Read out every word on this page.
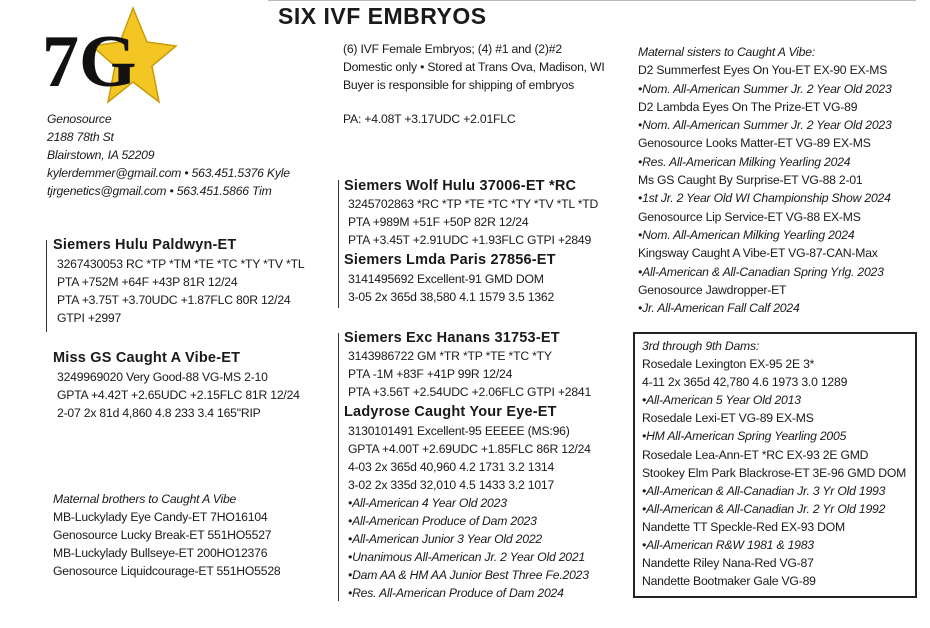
7G
SIX IVF EMBRYOS
Genosource
2188 78th St
Blairstown, IA 52209
kylerdemmer@gmail.com • 563.451.5376 Kyle
tjrgenetics@gmail.com • 563.451.5866 Tim
(6) IVF Female Embryos; (4) #1 and (2)#2
Domestic only • Stored at Trans Ova, Madison, WI
Buyer is responsible for shipping of embryos
PA: +4.08T +3.17UDC +2.01FLC
Siemers Hulu Paldwyn-ET
3267430053 RC *TP *TM *TE *TC *TY *TV *TL
PTA +752M +64F +43P 81R 12/24
PTA +3.75T +3.70UDC +1.87FLC 80R 12/24
GTPI +2997
Miss GS Caught A Vibe-ET
3249969020 Very Good-88 VG-MS 2-10
GPTA +4.42T +2.65UDC +2.15FLC 81R 12/24
2-07 2x 81d 4,860 4.8 233 3.4 165"RIP
Maternal brothers to Caught A Vibe
MB-Luckylady Eye Candy-ET 7HO16104
Genosource Lucky Break-ET 551HO5527
MB-Luckylady Bullseye-ET 200HO12376
Genosource Liquidcourage-ET 551HO5528
Siemers Wolf Hulu 37006-ET *RC
3245702863 *RC *TP *TE *TC *TY *TV *TL *TD
PTA +989M +51F +50P 82R 12/24
PTA +3.45T +2.91UDC +1.93FLC GTPI +2849
Siemers Lmda Paris 27856-ET
3141495692 Excellent-91 GMD DOM
3-05 2x 365d 38,580 4.1 1579 3.5 1362
Siemers Exc Hanans 31753-ET
3143986722 GM *TR *TP *TE *TC *TY
PTA -1M +83F +41P 99R 12/24
PTA +3.56T +2.54UDC +2.06FLC GTPI +2841
Ladyrose Caught Your Eye-ET
3130101491 Excellent-95 EEEEE (MS:96)
GPTA +4.00T +2.69UDC +1.85FLC 86R 12/24
4-03 2x 365d 40,960 4.2 1731 3.2 1314
3-02 2x 335d 32,010 4.5 1433 3.2 1017
•All-American 4 Year Old 2023
•All-American Produce of Dam 2023
•All-American Junior 3 Year Old 2022
•Unanimous All-American Jr. 2 Year Old 2021
•Dam AA & HM AA Junior Best Three Fe.2023
•Res. All-American Produce of Dam 2024
Maternal sisters to Caught A Vibe:
D2 Summerfest Eyes On You-ET EX-90 EX-MS
•Nom. All-American Summer Jr. 2 Year Old 2023
D2 Lambda Eyes On The Prize-ET VG-89
•Nom. All-American Summer Jr. 2 Year Old 2023
Genosource Looks Matter-ET VG-89 EX-MS
•Res. All-American Milking Yearling 2024
Ms GS Caught By Surprise-ET VG-88 2-01
•1st Jr. 2 Year Old WI Championship Show 2024
Genosource Lip Service-ET VG-88 EX-MS
•Nom. All-American Milking Yearling 2024
Kingsway Caught A Vibe-ET VG-87-CAN-Max
•All-American & All-Canadian Spring Yrlg. 2023
Genosource Jawdropper-ET
•Jr. All-American Fall Calf 2024
3rd through 9th Dams:
Rosedale Lexington EX-95 2E 3*
4-11 2x 365d 42,780 4.6 1973 3.0 1289
•All-American 5 Year Old 2013
Rosedale Lexi-ET VG-89 EX-MS
•HM All-American Spring Yearling 2005
Rosedale Lea-Ann-ET *RC EX-93 2E GMD
Stookey Elm Park Blackrose-ET 3E-96 GMD DOM
•All-American & All-Canadian Jr. 3 Yr Old 1993
•All-American & All-Canadian Jr. 2 Yr Old 1992
Nandette TT Speckle-Red EX-93 DOM
•All-American R&W 1981 & 1983
Nandette Riley Nana-Red VG-87
Nandette Bootmaker Gale VG-89
